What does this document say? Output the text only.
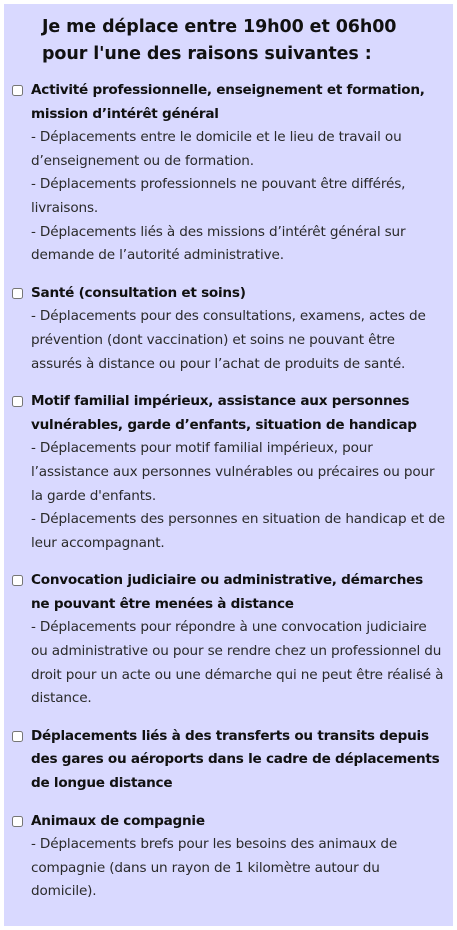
Je me déplace entre 19h00 et 06h00
pour l'une des raisons suivantes :
Activité professionnelle, enseignement et formation, mission d’intérêt général
- Déplacements entre le domicile et le lieu de travail ou d’enseignement ou de formation.
- Déplacements professionnels ne pouvant être différés, livraisons.
- Déplacements liés à des missions d’intérêt général sur demande de l’autorité administrative.
Santé (consultation et soins)
- Déplacements pour des consultations, examens, actes de prévention (dont vaccination) et soins ne pouvant être assurés à distance ou pour l’achat de produits de santé.
Motif familial impérieux, assistance aux personnes vulnérables, garde d’enfants, situation de handicap
- Déplacements pour motif familial impérieux, pour l’assistance aux personnes vulnérables ou précaires ou pour la garde d'enfants.
- Déplacements des personnes en situation de handicap et de leur accompagnant.
Convocation judiciaire ou administrative, démarches ne pouvant être menées à distance
- Déplacements pour répondre à une convocation judiciaire ou administrative ou pour se rendre chez un professionnel du droit pour un acte ou une démarche qui ne peut être réalisé à distance.
Déplacements liés à des transferts ou transits depuis des gares ou aéroports dans le cadre de déplacements de longue distance
Animaux de compagnie
- Déplacements brefs pour les besoins des animaux de compagnie (dans un rayon de 1 kilomètre autour du domicile).
